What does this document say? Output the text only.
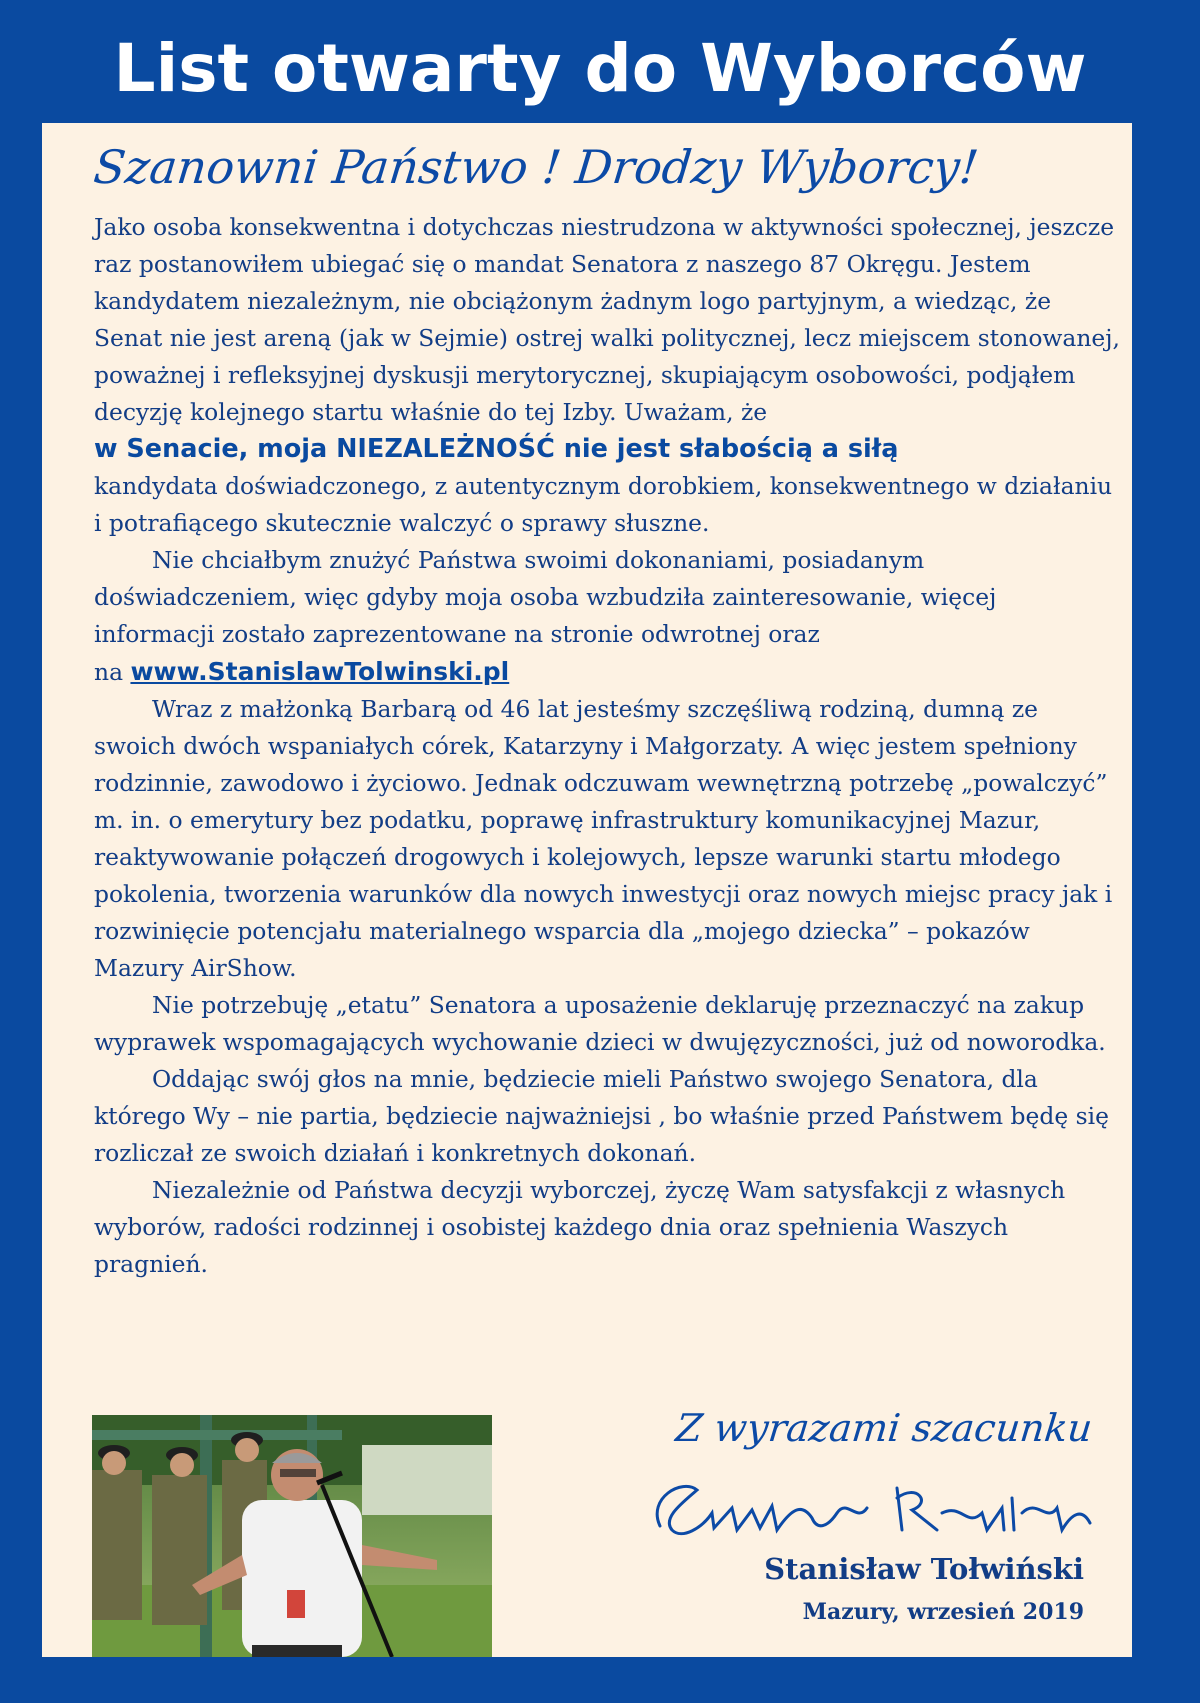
List otwarty do Wyborców
Szanowni Państwo ! Drodzy Wyborcy!

Jako osoba konsekwentna i dotychczas niestrudzona w aktywności społecznej, jeszcze raz postanowiłem ubiegać się o mandat Senatora z naszego 87 Okręgu. Jestem kandydatem niezależnym, nie obciążonym żadnym logo partyjnym, a wiedząc, że Senat nie jest areną (jak w Sejmie) ostrej walki politycznej, lecz miejscem stonowanej, poważnej i refleksyjnej dyskusji merytorycznej, skupiającym osobowości, podjąłem decyzję kolejnego startu właśnie do tej Izby. Uważam, że
w Senacie, moja NIEZALEŻNOŚĆ nie jest słabością a siłą
kandydata doświadczonego, z autentycznym dorobkiem, konsekwentnego w działaniu i potrafiącego skutecznie walczyć o sprawy słuszne.

Nie chciałbym znużyć Państwa swoimi dokonaniami, posiadanym doświadczeniem, więc gdyby moja osoba wzbudziła zainteresowanie, więcej informacji zostało zaprezentowane na stronie odwrotnej oraz

na www.StanislawTolwinski.pl

Wraz z małżonką Barbarą od 46 lat jesteśmy szczęśliwą rodziną, dumną ze swoich dwóch wspaniałych córek, Katarzyny i Małgorzaty. A więc jestem spełniony rodzinnie, zawodowo i życiowo. Jednak odczuwam wewnętrzną potrzebę „powalczyć” m. in. o emerytury bez podatku, poprawę infrastruktury komunikacyjnej Mazur, reaktywowanie połączeń drogowych i kolejowych, lepsze warunki startu młodego pokolenia, tworzenia warunków dla nowych inwestycji oraz nowych miejsc pracy jak i rozwinięcie potencjału materialnego wsparcia dla „mojego dziecka” – pokazów Mazury AirShow.

Nie potrzebuję „etatu” Senatora a uposażenie deklaruję przeznaczyć na zakup wyprawek wspomagających wychowanie dzieci w dwujęzyczności, już od noworodka.

Oddając swój głos na mnie, będziecie mieli Państwo swojego Senatora, dla którego Wy – nie partia, będziecie najważniejsi , bo właśnie przed Państwem będę się rozliczał ze swoich działań i konkretnych dokonań.

Niezależnie od Państwa decyzji wyborczej, życzę Wam satysfakcji z własnych wyborów, radości rodzinnej i osobistej każdego dnia oraz spełnienia Waszych pragnień.

Z wyrazami szacunku
Stanisław Tołwiński
Mazury, wrzesień 2019
